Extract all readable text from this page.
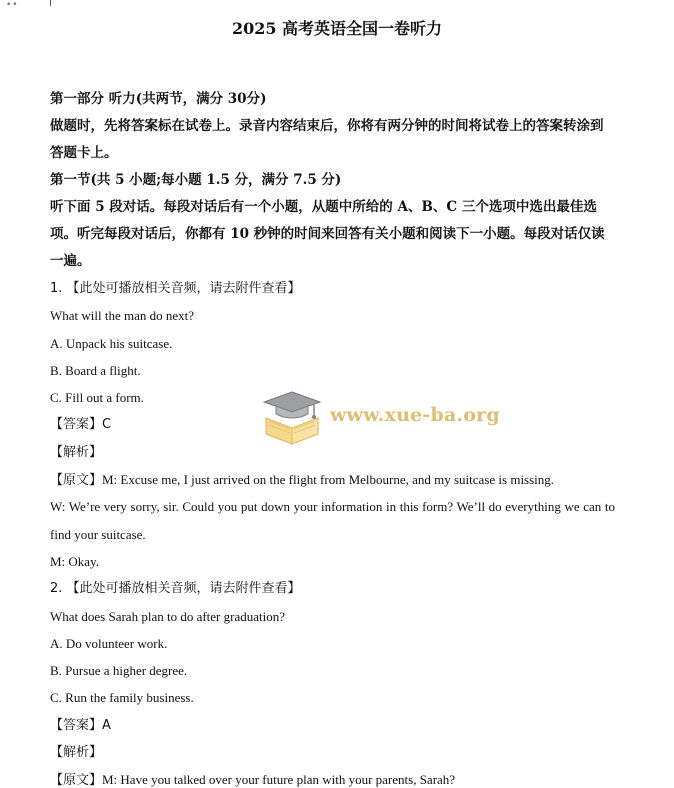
••
2025 高考英语全国一卷听力
第一部分 听力(共两节，满分 30分)
做题时，先将答案标在试卷上。录音内容结束后，你将有两分钟的时间将试卷上的答案转涂到答题卡上。
第一节(共 5 小题;每小题 1.5 分，满分 7.5 分)
听下面 5 段对话。每段对话后有一个小题，从题中所给的 A、B、C 三个选项中选出最佳选项。听完每段对话后，你都有 10 秒钟的时间来回答有关小题和阅读下一小题。每段对话仅读一遍。
1. 【此处可播放相关音频，请去附件查看】
What will the man do next?
A. Unpack his suitcase.
B. Board a flight.
C. Fill out a form.
【答案】C
【解析】
【原文】M: Excuse me, I just arrived on the flight from Melbourne, and my suitcase is missing.
W: We’re very sorry, sir. Could you put down your information in this form? We’ll do everything we can to find your suitcase.
M: Okay.
2. 【此处可播放相关音频，请去附件查看】
What does Sarah plan to do after graduation?
A. Do volunteer work.
B. Pursue a higher degree.
C. Run the family business.
【答案】A
【解析】
【原文】M: Have you talked over your future plan with your parents, Sarah?
www.xue-ba.org
